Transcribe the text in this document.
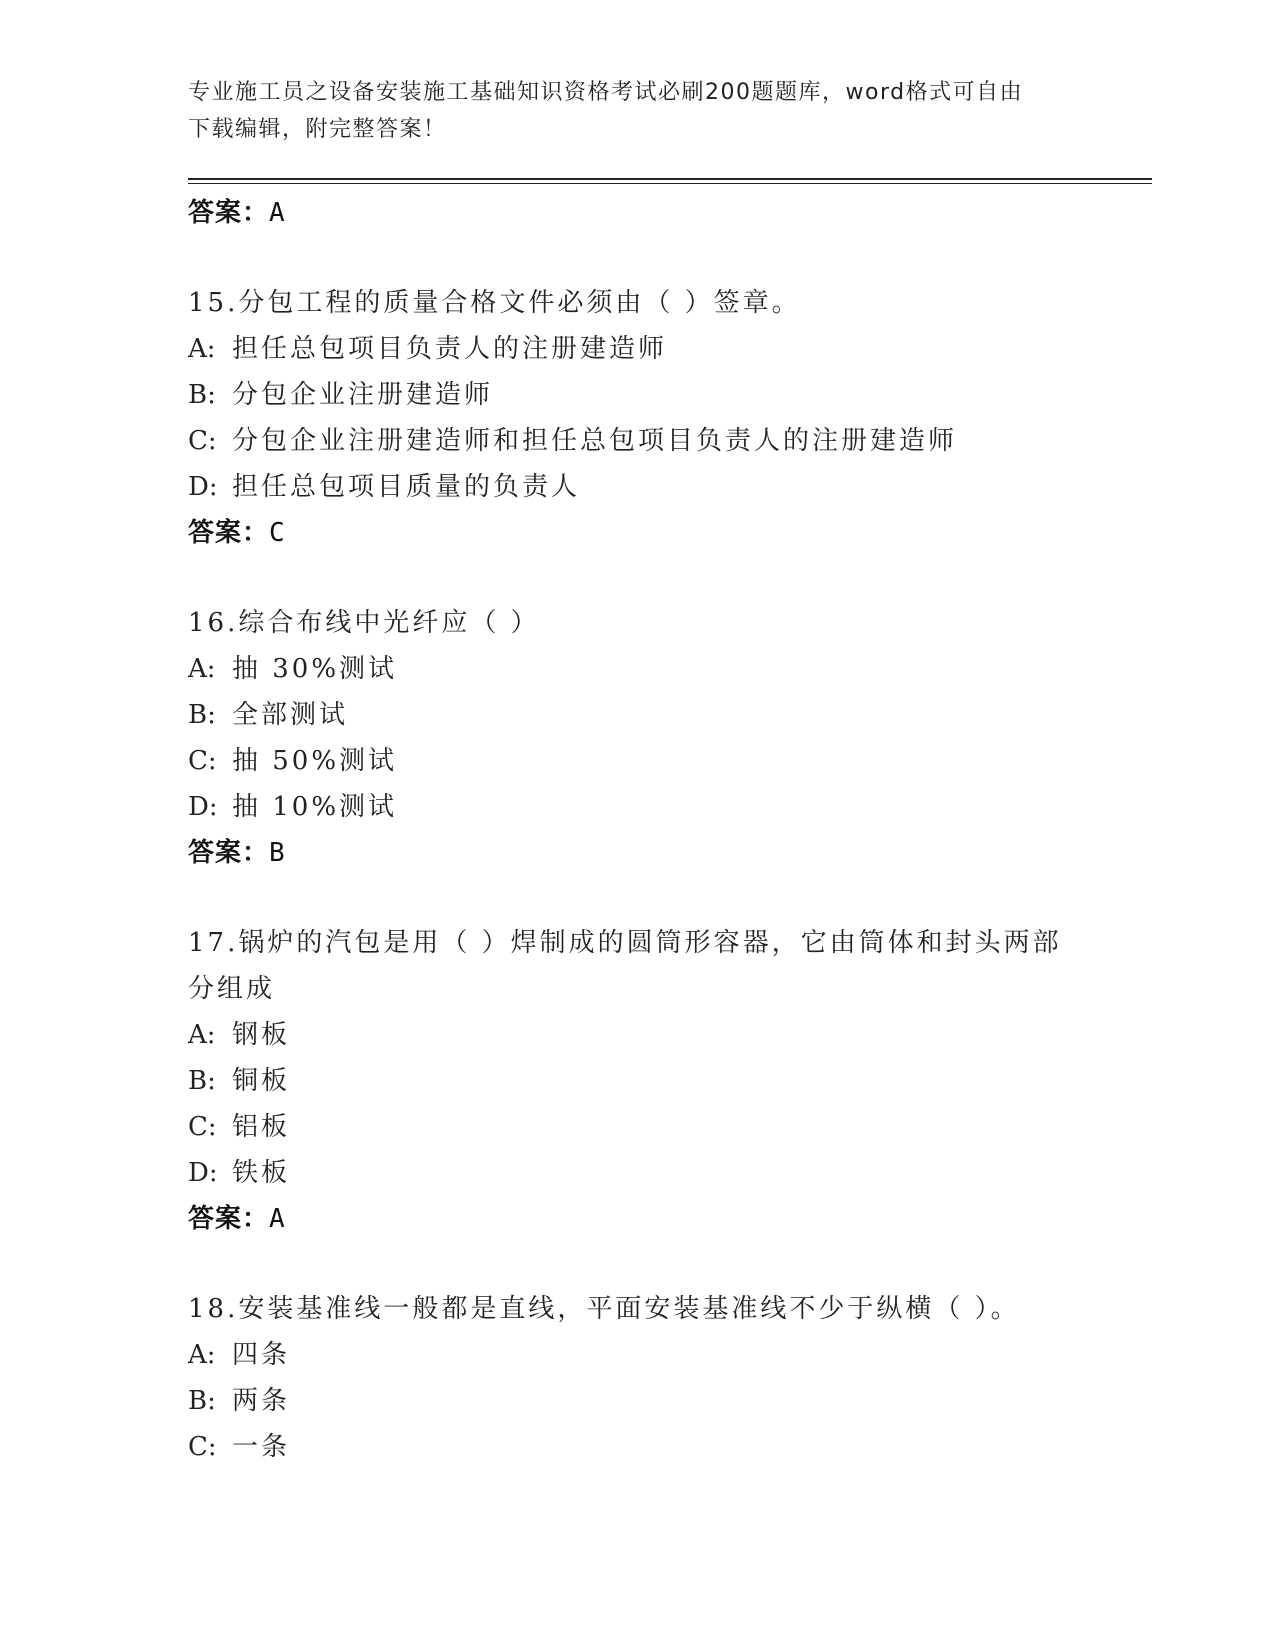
专业施工员之设备安装施工基础知识资格考试必刷200题题库，word格式可自由
下载编辑，附完整答案！
答案：A
15.分包工程的质量合格文件必须由（ ）签章。
A: 担任总包项目负责人的注册建造师
B: 分包企业注册建造师
C: 分包企业注册建造师和担任总包项目负责人的注册建造师
D: 担任总包项目质量的负责人
答案：C
16.综合布线中光纤应（ ）
A: 抽 30%测试
B: 全部测试
C: 抽 50%测试
D: 抽 10%测试
答案：B
17.锅炉的汽包是用（ ）焊制成的圆筒形容器，它由筒体和封头两部分组成
A: 钢板
B: 铜板
C: 铝板
D: 铁板
答案：A
18.安装基准线一般都是直线，平面安装基准线不少于纵横（ ）。
A: 四条
B: 两条
C: 一条
